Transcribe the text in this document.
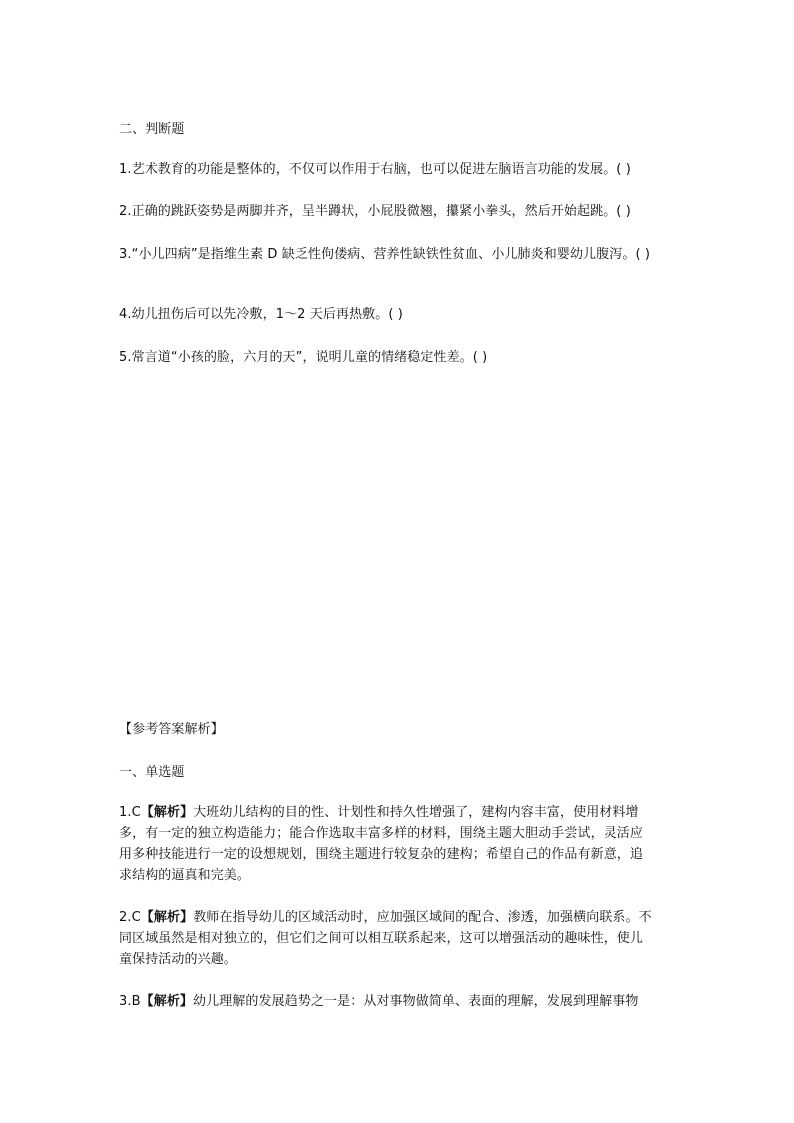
二、判断题
1.艺术教育的功能是整体的，不仅可以作用于右脑，也可以促进左脑语言功能的发展。( )
2.正确的跳跃姿势是两脚并齐，呈半蹲状，小屁股微翘，攥紧小拳头，然后开始起跳。( )
3.“小儿四病”是指维生素 D 缺乏性佝偻病、营养性缺铁性贫血、小儿肺炎和婴幼儿腹泻。( )
4.幼儿扭伤后可以先冷敷，1～2 天后再热敷。( )
5.常言道“小孩的脸，六月的天”，说明儿童的情绪稳定性差。( )
【参考答案解析】
一、单选题
1.C【解析】大班幼儿结构的目的性、计划性和持久性增强了，建构内容丰富，使用材料增多，有一定的独立构造能力；能合作选取丰富多样的材料，围绕主题大胆动手尝试，灵活应用多种技能进行一定的设想规划，围绕主题进行较复杂的建构；希望自己的作品有新意，追求结构的逼真和完美。
2.C【解析】教师在指导幼儿的区域活动时，应加强区域间的配合、渗透，加强横向联系。不同区域虽然是相对独立的，但它们之间可以相互联系起来，这可以增强活动的趣味性，使儿童保持活动的兴趣。
3.B【解析】幼儿理解的发展趋势之一是：从对事物做简单、表面的理解，发展到理解事物
